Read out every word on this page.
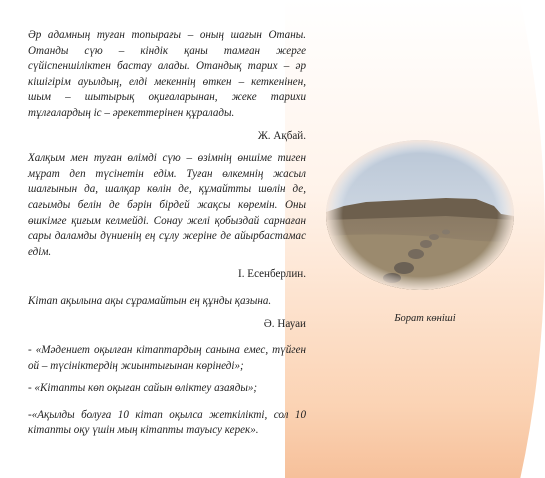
Әр адамның туған топырағы – оның шағын Отаны. Отанды сүю – кіндік қаны тамған жерге сүйіспеншіліктен бастау алады. Отандық тарих – әр кішігірім ауылдың, елді мекеннің өткен – кеткенінен, шым – шытырық оқиғаларынан, жеке тарихи тұлғалардың іс – әрекеттерінен құралады.

Ж. Ақбай.

Халқым мен туған өлімді сүю – өзімнің өншіме тиген мұрат деп түсінетін едім. Туған өлкемнің жасыл шалғынын да, шалқар көлін де, құмайтты шөлін де, сағымды белін де бәрін бірдей жақсы көремін. Оны өшкімге қиғым келмейді. Сонау желі қобыздай сарнаған сары даламды дүниенің ең сұлу жеріне де айырбастамас едім.

І. Есенберлин.

Кітап ақылына ақы сұрамайтын ең құнды қазына.

Ә. Науаи

- «Мәдениет оқылған кітаптардың санына емес, түйген ой – түсініктердің жиынтығынан көрінеді»;

- «Кітапты көп оқыған сайын өліктеу азаяды»;

-«Ақылды болуға 10 кітап оқылса жеткілікті, сол 10 кітапты оқу үшін мың кітапты тауысу керек».

Борат көніші
